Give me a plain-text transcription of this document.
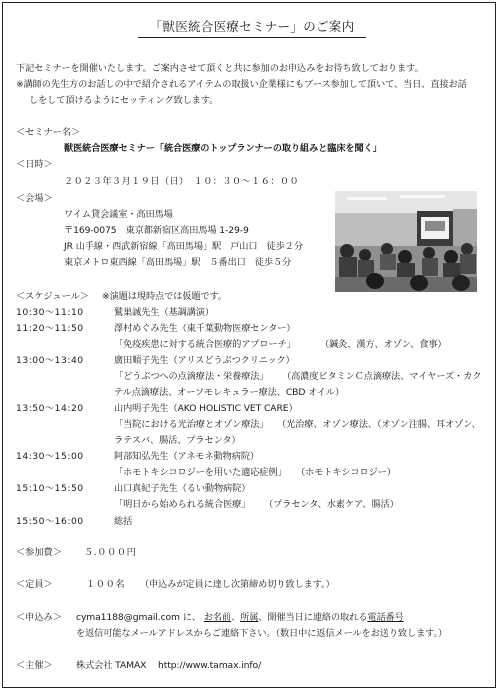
「獣医統合医療セミナー」のご案内
下記セミナーを開催いたします。ご案内させて頂くと共に参加のお申込みをお待ち致しております。
※講師の先生方のお話しの中で紹介されるアイテムの取扱い企業様にもブース参加して頂いて、当日、直接お話
しをして頂けるようにセッティング致します。
＜セミナー名＞
獣医統合医療セミナー「統合医療のトップランナーの取り組みと臨床を聞く」
＜日時＞
２０２３年３月１９日（日）　１０：３０～１６：００
＜会場＞
ワイム貸会議室・高田馬場
〒169-0075　東京都新宿区高田馬場 1-29-9
JR 山手線・西武新宿線「高田馬場」駅　戸山口　徒歩２分
東京メトロ東西線「高田馬場」駅　５番出口　徒歩５分
＜スケジュール＞ ※演題は現時点では仮題です。
10:30～11:10	鷲巣誠先生（基調講演）
11:20～11:50	澤村めぐみ先生（東千葉動物医療センター）
「免疫疾患に対する統合医療的アプローチ」	（鍼灸、漢方、オゾン、食事）
13:00～13:40	廣田順子先生（アリスどうぶつクリニック）
「どうぶつへの点滴療法・栄養療法」 （高濃度ビタミンＣ点滴療法、マイヤーズ・カク
テル点滴療法、オーソモレキュラー療法、CBD オイル）
13:50～14:20	山内明子先生（AKO HOLISTIC VET CARE）
「当院における光治療とオゾン療法」 （光治療、オゾン療法、（オゾン注腸、耳オゾン、
ラテスバ、腸活、プラセンタ）
14:30～15:00	阿部知弘先生（アネモネ動物病院）
「ホモトキシコロジーを用いた適応症例」 （ホモトキシコロジー）
15:10～15:50	山口真紀子先生（るい動物病院）
「明日から始められる統合医療」 （プラセンタ、水素ケア、腸活）
15:50～16:00	総括
＜参加費＞ ５.０００円
＜定員＞	１００名 （申込みが定員に達し次第締め切り致します。）
＜申込み＞ cyma1188@gmail.com に、 お名前、所属、開催当日に連絡の取れる電話番号
を返信可能なメールアドレスからご連絡下さい。（数日中に返信メールをお送り致します。）
＜主催＞	株式会社 TAMAX http://www.tamax.info/
